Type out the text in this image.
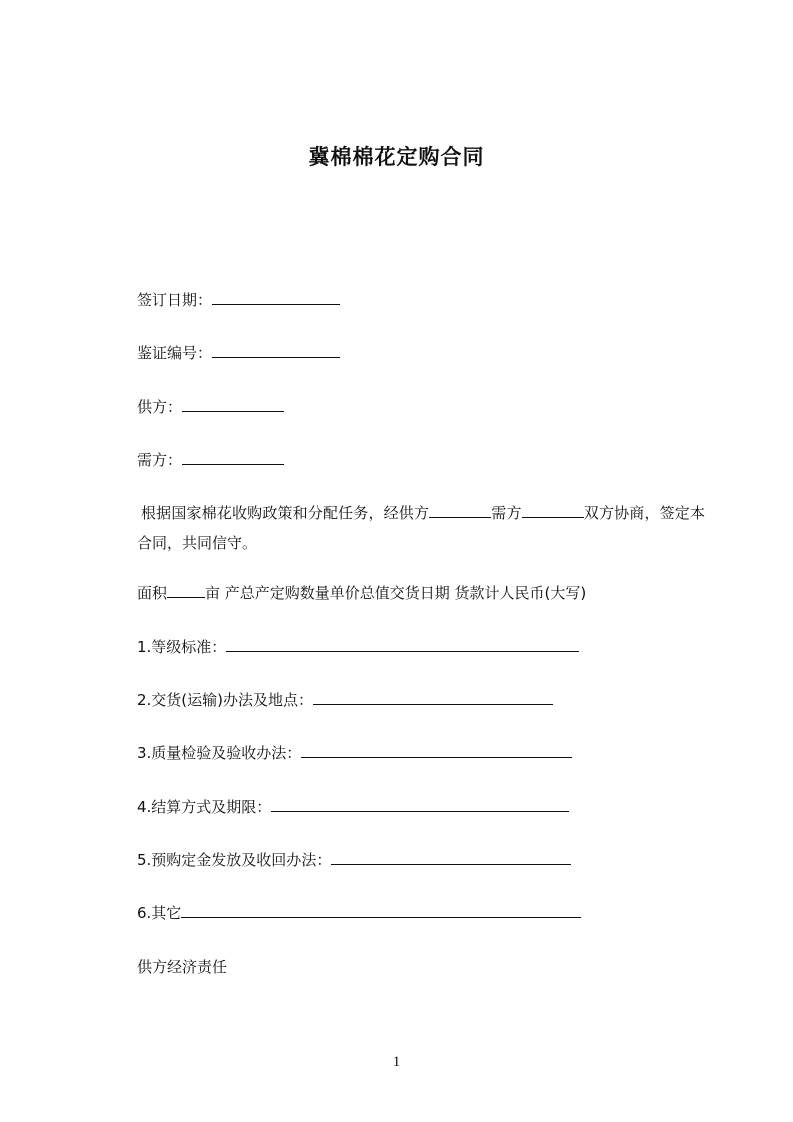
冀棉棉花定购合同
签订日期：
鉴证编号：
供方：
需方：
根据国家棉花收购政策和分配任务，经供方	需方	双方协商，签定本合同，共同信守。
面积	亩 产总产定购数量单价总值交货日期 货款计人民币(大写)
1.等级标准：
2.交货(运输)办法及地点：
3.质量检验及验收办法：
4.结算方式及期限：
5.预购定金发放及收回办法：
6.其它
供方经济责任
1
